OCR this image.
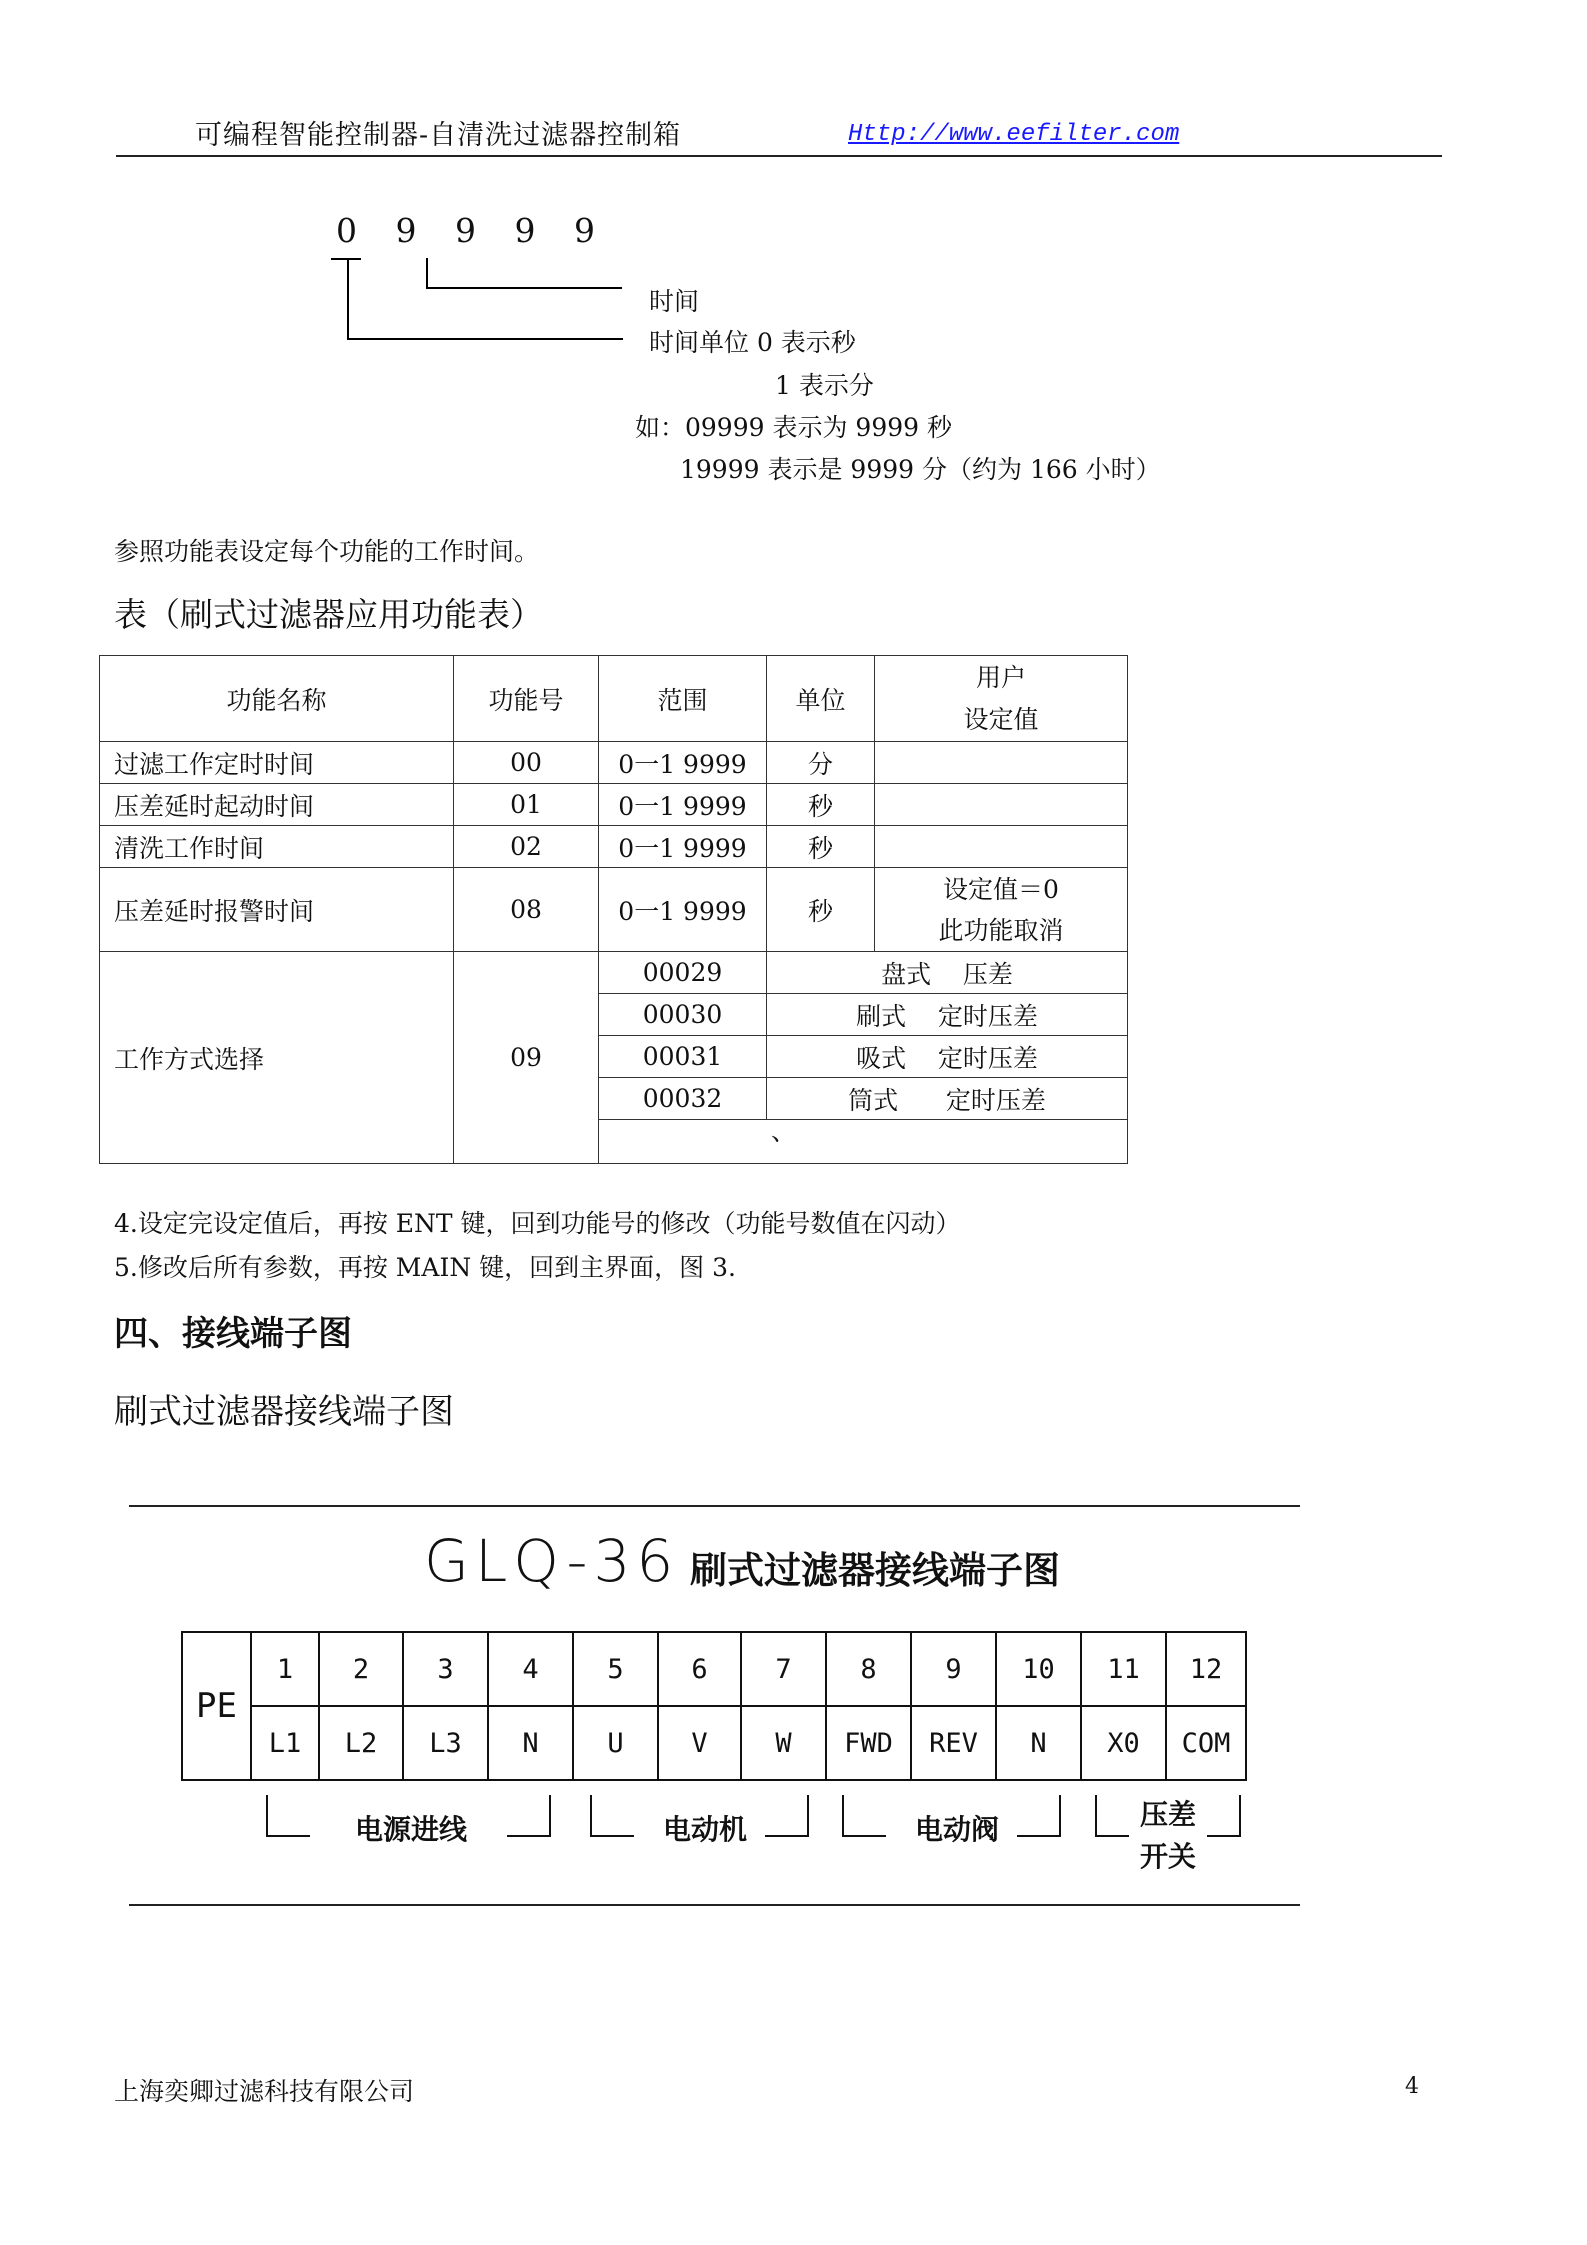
可编程智能控制器-自清洗过滤器控制箱	Http://www.eefilter.com
0 9 9 9 9
时间
时间单位 0 表示秒
1 表示分
如：09999 表示为 9999 秒
19999 表示是 9999 分（约为 166 小时）
参照功能表设定每个功能的工作时间。
表（刷式过滤器应用功能表）
功能名称	功能号	范围	单位	用户
设定值

过滤工作定时时间	00	0一1 9999	分	
压差延时起动时间	01	0一1 9999	秒	
清洗工作时间	02	0一1 9999	秒	
压差延时报警时间	08	0一1 9999	秒	设定值＝0
此功能取消

工作方式选择	09	00029	盘式    压差	
		00030	刷式    定时压差	
		00031	吸式    定时压差	
		00032	筒式      定时压差	

		、		
4.设定完设定值后，再按 ENT 键，回到功能号的修改（功能号数值在闪动）
5.修改后所有参数，再按 MAIN 键，回到主界面，图 3.
四、接线端子图
刷式过滤器接线端子图
GLQ-36 刷式过滤器接线端子图
PE	1	2	3	4	5	6	7	8	9	10	11	12
	L1	L2	L3	N	U	V	W	FWD	REV	N	X0	COM
电源进线	电动机	电动阀	压差
开关
上海奕卿过滤科技有限公司	4
